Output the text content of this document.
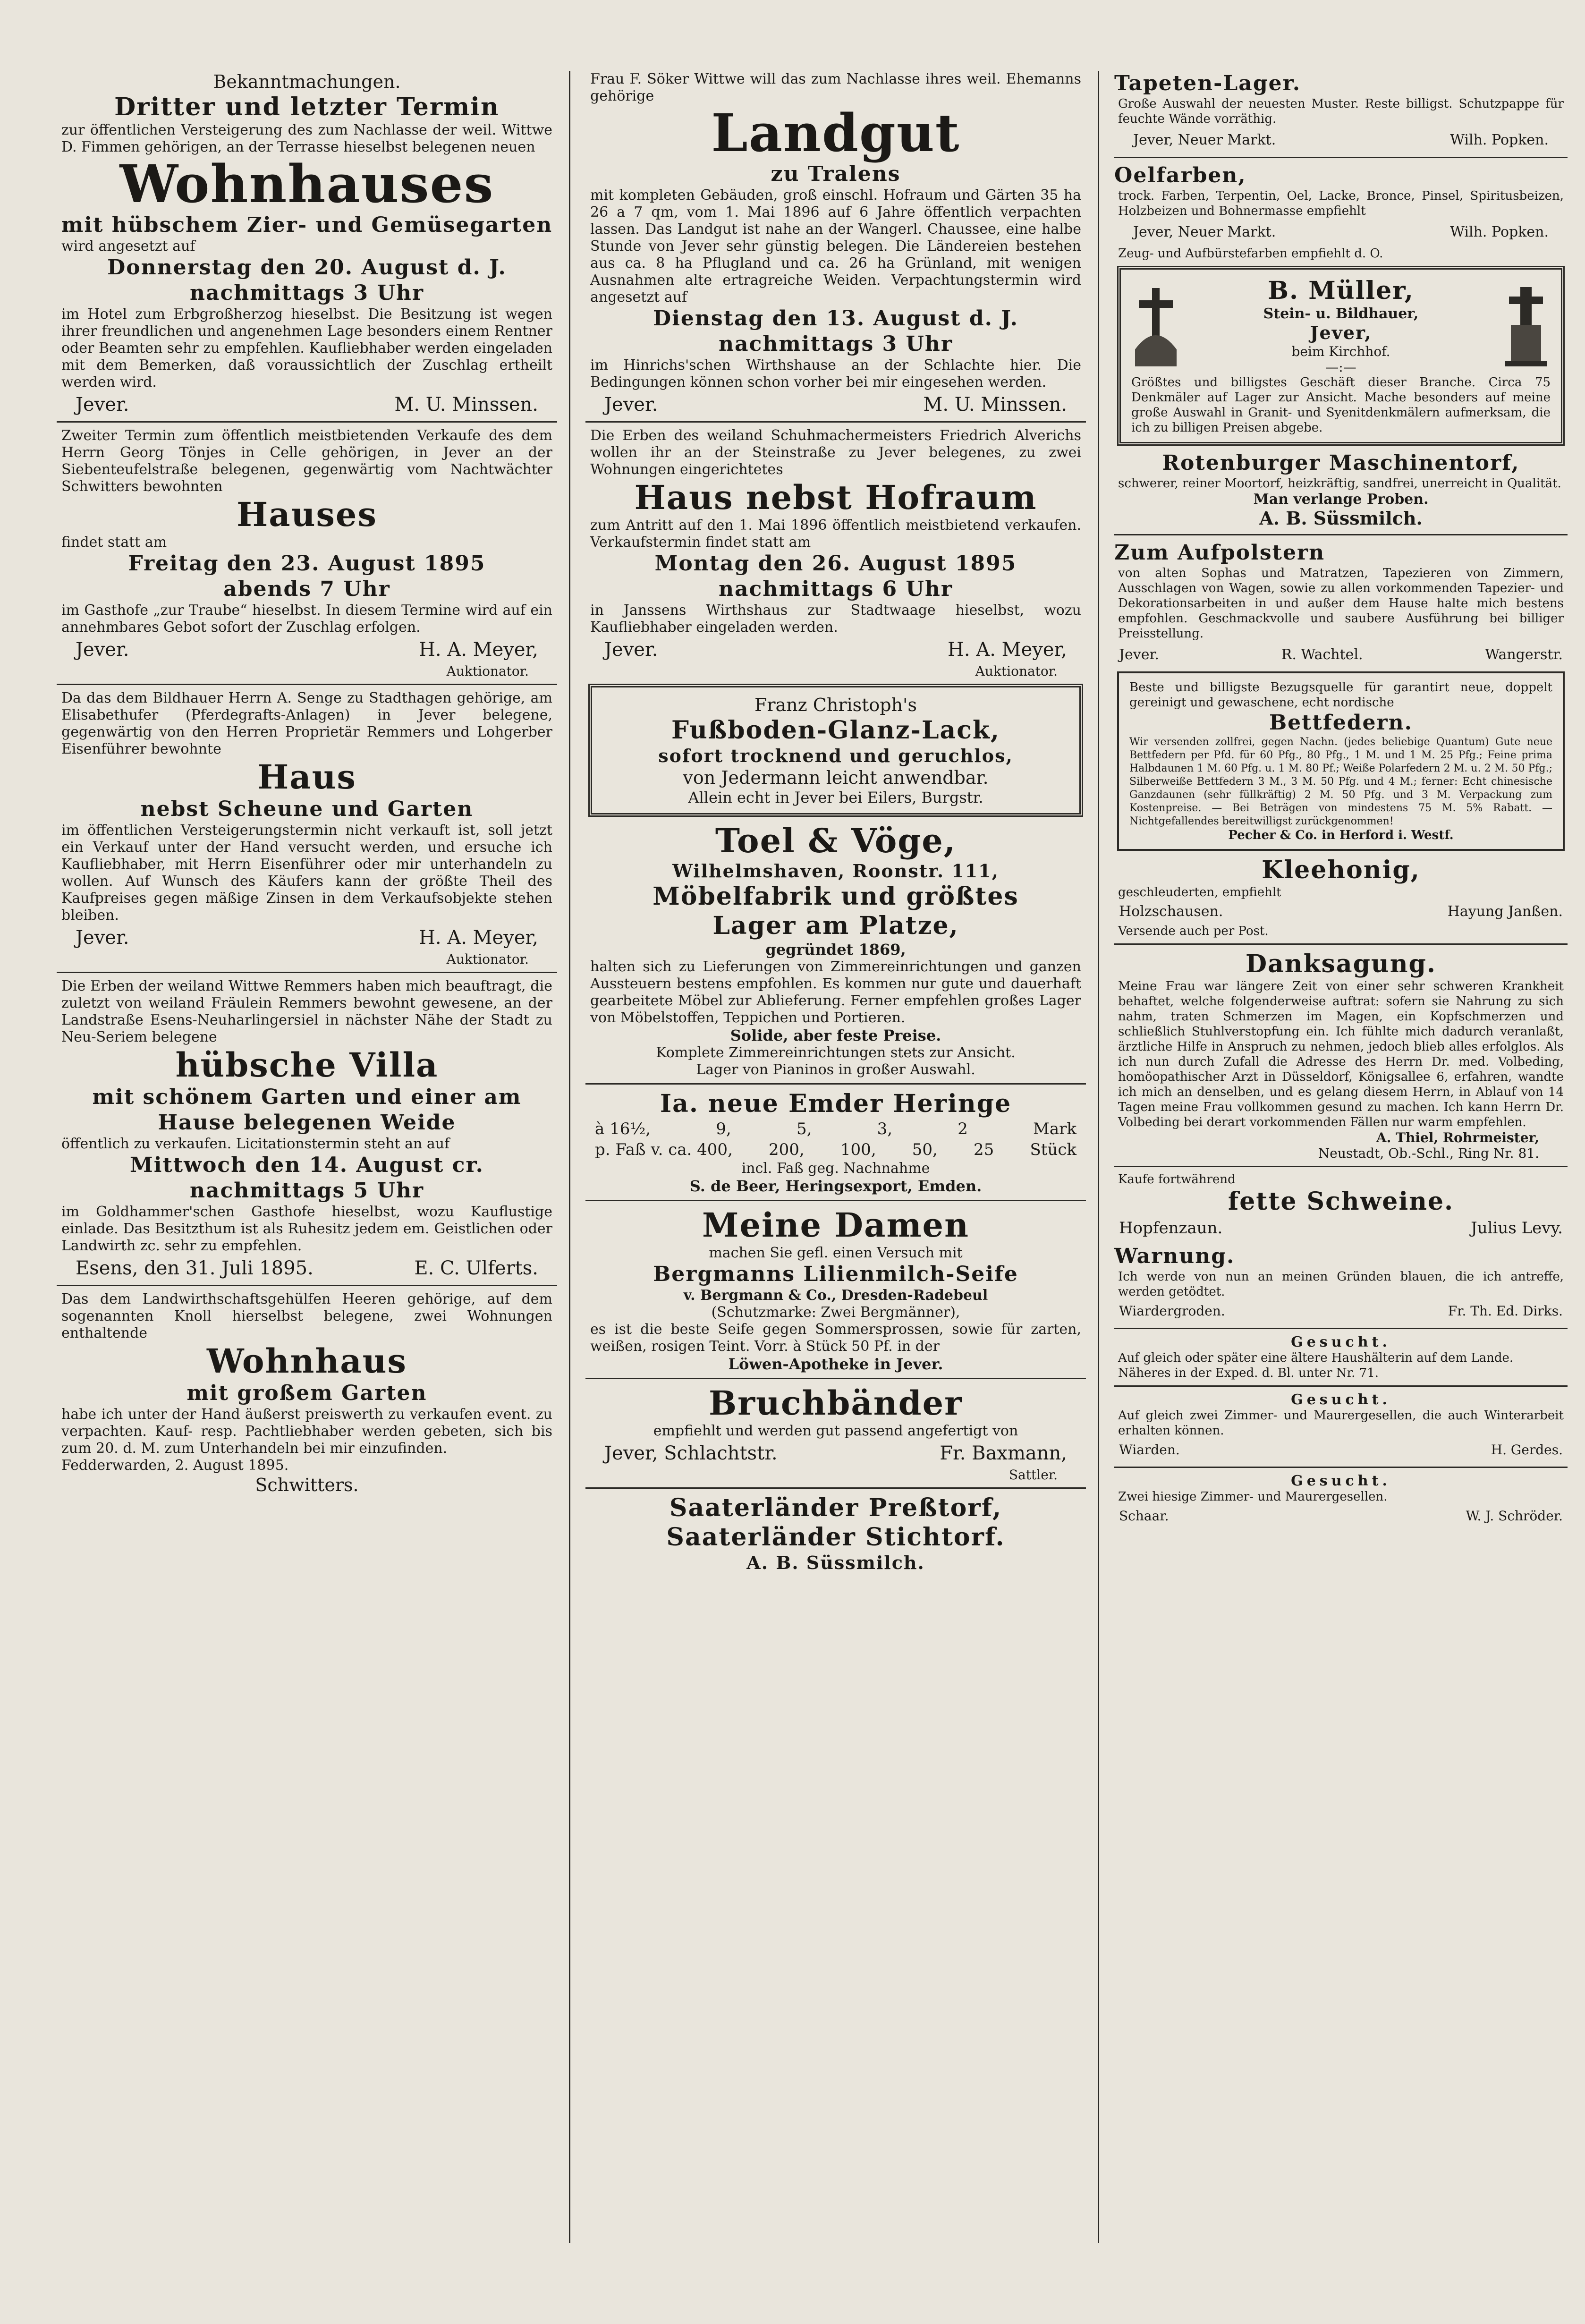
Bekanntmachungen.
Dritter und letzter Termin
zur öffentlichen Versteigerung des zum Nachlasse der weil. Wittwe D. Fimmen gehörigen, an der Terrasse hieselbst belegenen neuen
Wohnhauses
mit hübschem Zier- und Gemüsegarten
wird angesetzt auf
Donnerstag den 20. August d. J.
nachmittags 3 Uhr
im Hotel zum Erbgroßherzog hieselbst. Die Besitzung ist wegen ihrer freundlichen und angenehmen Lage besonders einem Rentner oder Beamten sehr zu empfehlen. Kaufliebhaber werden eingeladen mit dem Bemerken, daß voraussichtlich der Zuschlag ertheilt werden wird.
Jever.	M. U. Minssen.
Zweiter Termin zum öffentlich meistbietenden Verkaufe des dem Herrn Georg Tönjes in Celle gehörigen, in Jever an der Siebenteufelstraße belegenen, gegenwärtig vom Nachtwächter Schwitters bewohnten
Hauses
findet statt am
Freitag den 23. August 1895
abends 7 Uhr
im Gasthofe „zur Traube“ hieselbst. In diesem Termine wird auf ein annehmbares Gebot sofort der Zuschlag erfolgen.
Jever.	H. A. Meyer,
Auktionator.
Da das dem Bildhauer Herrn A. Senge zu Stadthagen gehörige, am Elisabethufer (Pferdegrafts-Anlagen) in Jever belegene, gegenwärtig von den Herren Proprietär Remmers und Lohgerber Eisenführer bewohnte
Haus
nebst Scheune und Garten
im öffentlichen Versteigerungstermin nicht verkauft ist, soll jetzt ein Verkauf unter der Hand versucht werden, und ersuche ich Kaufliebhaber, mit Herrn Eisenführer oder mir unterhandeln zu wollen. Auf Wunsch des Käufers kann der größte Theil des Kaufpreises gegen mäßige Zinsen in dem Verkaufsobjekte stehen bleiben.
Jever.	H. A. Meyer,
Auktionator.
Die Erben der weiland Wittwe Remmers haben mich beauftragt, die zuletzt von weiland Fräulein Remmers bewohnt gewesene, an der Landstraße Esens-Neuharlingersiel in nächster Nähe der Stadt zu Neu-Seriem belegene
hübsche Villa
mit schönem Garten und einer am Hause belegenen Weide
öffentlich zu verkaufen. Licitationstermin steht an auf
Mittwoch den 14. August cr.
nachmittags 5 Uhr
im Goldhammer'schen Gasthofe hieselbst, wozu Kauflustige einlade. Das Besitzthum ist als Ruhesitz jedem em. Geistlichen oder Landwirth zc. sehr zu empfehlen.
Esens, den 31. Juli 1895.	E. C. Ulferts.
Das dem Landwirthschaftsgehülfen Heeren gehörige, auf dem sogenannten Knoll hierselbst belegene, zwei Wohnungen enthaltende
Wohnhaus
mit großem Garten
habe ich unter der Hand äußerst preiswerth zu verkaufen event. zu verpachten. Kauf- resp. Pachtliebhaber werden gebeten, sich bis zum 20. d. M. zum Unterhandeln bei mir einzufinden.
Fedderwarden, 2. August 1895.
Schwitters.
Frau F. Söker Wittwe will das zum Nachlasse ihres weil. Ehemanns gehörige
Landgut
zu Tralens
mit kompleten Gebäuden, groß einschl. Hofraum und Gärten 35 ha 26 a 7 qm, vom 1. Mai 1896 auf 6 Jahre öffentlich verpachten lassen. Das Landgut ist nahe an der Wangerl. Chaussee, eine halbe Stunde von Jever sehr günstig belegen. Die Ländereien bestehen aus ca. 8 ha Pflugland und ca. 26 ha Grünland, mit wenigen Ausnahmen alte ertragreiche Weiden. Verpachtungstermin wird angesetzt auf
Dienstag den 13. August d. J.
nachmittags 3 Uhr
im Hinrichs'schen Wirthshause an der Schlachte hier. Die Bedingungen können schon vorher bei mir eingesehen werden.
Jever.	M. U. Minssen.
Die Erben des weiland Schuhmachermeisters Friedrich Alverichs wollen ihr an der Steinstraße zu Jever belegenes, zu zwei Wohnungen eingerichtetes
Haus nebst Hofraum
zum Antritt auf den 1. Mai 1896 öffentlich meistbietend verkaufen. Verkaufstermin findet statt am
Montag den 26. August 1895
nachmittags 6 Uhr
in Janssens Wirthshaus zur Stadtwaage hieselbst, wozu Kaufliebhaber eingeladen werden.
Jever.	H. A. Meyer,
Auktionator.
Franz Christoph's
Fußboden-Glanz-Lack,
sofort trocknend und geruchlos,
von Jedermann leicht anwendbar.
Allein echt in Jever bei Eilers, Burgstr.
Toel & Vöge,
Wilhelmshaven, Roonstr. 111,
Möbelfabrik und größtes
Lager am Platze,
gegründet 1869,
halten sich zu Lieferungen von Zimmereinrichtungen und ganzen Aussteuern bestens empfohlen. Es kommen nur gute und dauerhaft gearbeitete Möbel zur Ablieferung. Ferner empfehlen großes Lager von Möbelstoffen, Teppichen und Portieren.
Solide, aber feste Preise.
Komplete Zimmereinrichtungen stets zur Ansicht.
Lager von Pianinos in großer Auswahl.
Ia. neue Emder Heringe
à 16½,	9,	5,	3,	2	Mark
p. Faß v. ca. 400, 200, 100, 50, 25 Stück
incl. Faß geg. Nachnahme
S. de Beer, Heringsexport, Emden.
Meine Damen
machen Sie gefl. einen Versuch mit
Bergmanns Lilienmilch-Seife
v. Bergmann & Co., Dresden-Radebeul
(Schutzmarke: Zwei Bergmänner),
es ist die beste Seife gegen Sommersprossen, sowie für zarten, weißen, rosigen Teint. Vorr. à Stück 50 Pf. in der
Löwen-Apotheke in Jever.
Bruchbänder
empfiehlt und werden gut passend angefertigt von
Jever, Schlachtstr.	Fr. Baxmann,
Sattler.
Saaterländer Preßtorf,
Saaterländer Stichtorf.
A. B. Süssmilch.
Tapeten-Lager.
Große Auswahl der neuesten Muster. Reste billigst. Schutzpappe für feuchte Wände vorräthig.
Jever, Neuer Markt.	Wilh. Popken.
Oelfarben,
trock. Farben, Terpentin, Oel, Lacke, Bronce, Pinsel, Spiritusbeizen, Holzbeizen und Bohnermasse empfiehlt
Jever, Neuer Markt.	Wilh. Popken.
Zeug- und Aufbürstefarben empfiehlt d. O.
B. Müller,
Stein- u. Bildhauer,
Jever,
beim Kirchhof.
—:—
Größtes und billigstes Geschäft dieser Branche. Circa 75 Denkmäler auf Lager zur Ansicht. Mache besonders auf meine große Auswahl in Granit- und Syenitdenkmälern aufmerksam, die ich zu billigen Preisen abgebe.
Rotenburger Maschinentorf,
schwerer, reiner Moortorf, heizkräftig, sandfrei, unerreicht in Qualität.
Man verlange Proben.
A. B. Süssmilch.
Zum Aufpolstern
von alten Sophas und Matratzen, Tapezieren von Zimmern, Ausschlagen von Wagen, sowie zu allen vorkommenden Tapezier- und Dekorationsarbeiten in und außer dem Hause halte mich bestens empfohlen. Geschmackvolle und saubere Ausführung bei billiger Preisstellung.
Jever.	R. Wachtel.	Wangerstr.
Beste und billigste Bezugsquelle für garantirt neue, doppelt gereinigt und gewaschene, echt nordische
Bettfedern.
Wir versenden zollfrei, gegen Nachn. (jedes beliebige Quantum) Gute neue Bettfedern per Pfd. für 60 Pfg., 80 Pfg., 1 M. und 1 M. 25 Pfg.; Feine prima Halbdaunen 1 M. 60 Pfg. u. 1 M. 80 Pf.; Weiße Polarfedern 2 M. u. 2 M. 50 Pfg.; Silberweiße Bettfedern 3 M., 3 M. 50 Pfg. und 4 M.; ferner: Echt chinesische Ganzdaunen (sehr füllkräftig) 2 M. 50 Pfg. und 3 M. Verpackung zum Kostenpreise. — Bei Beträgen von mindestens 75 M. 5% Rabatt. — Nichtgefallendes bereitwilligst zurückgenommen!
Pecher & Co. in Herford i. Westf.
Kleehonig,
geschleuderten, empfiehlt
Holzschausen.	Hayung Janßen.
Versende auch per Post.
Danksagung.
Meine Frau war längere Zeit von einer sehr schweren Krankheit behaftet, welche folgenderweise auftrat: sofern sie Nahrung zu sich nahm, traten Schmerzen im Magen, ein Kopfschmerzen und schließlich Stuhlverstopfung ein. Ich fühlte mich dadurch veranlaßt, ärztliche Hilfe in Anspruch zu nehmen, jedoch blieb alles erfolglos. Als ich nun durch Zufall die Adresse des Herrn Dr. med. Volbeding, homöopathischer Arzt in Düsseldorf, Königsallee 6, erfahren, wandte ich mich an denselben, und es gelang diesem Herrn, in Ablauf von 14 Tagen meine Frau vollkommen gesund zu machen. Ich kann Herrn Dr. Volbeding bei derart vorkommenden Fällen nur warm empfehlen.
A. Thiel, Rohrmeister,
Neustadt, Ob.-Schl., Ring Nr. 81.
Kaufe fortwährend
fette Schweine.
Hopfenzaun.	Julius Levy.
Warnung.
Ich werde von nun an meinen Gründen blauen, die ich antreffe, werden getödtet.
Wiardergroden.	Fr. Th. Ed. Dirks.
Gesucht.
Auf gleich oder später eine ältere Haushälterin auf dem Lande.
Näheres in der Exped. d. Bl. unter Nr. 71.
Gesucht.
Auf gleich zwei Zimmer- und Maurergesellen, die auch Winterarbeit erhalten können.
Wiarden.	H. Gerdes.
Gesucht.
Zwei hiesige Zimmer- und Maurergesellen.
Schaar.	W. J. Schröder.
